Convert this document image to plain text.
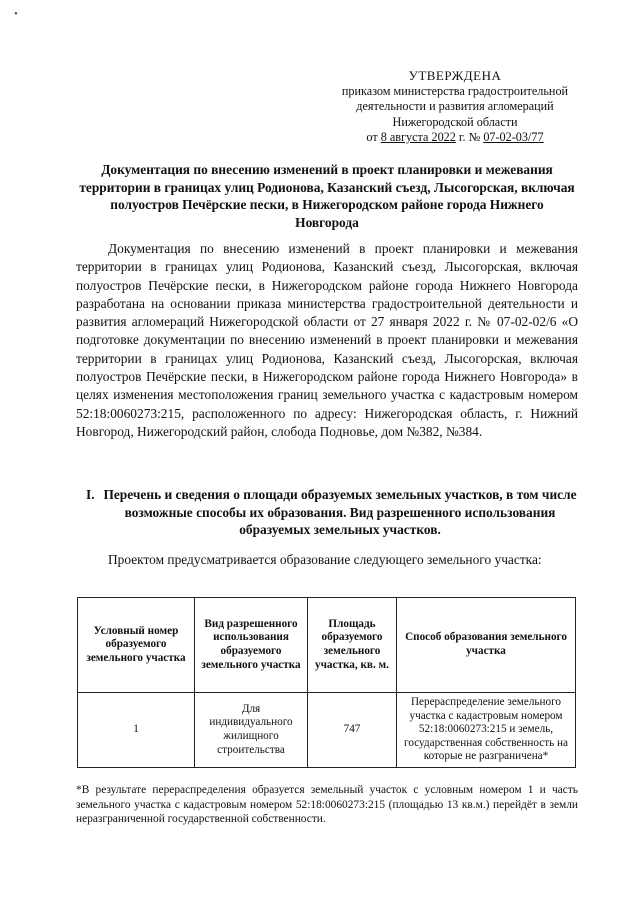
•
УТВЕРЖДЕНА
приказом министерства градостроительной
деятельности и развития агломераций
Нижегородской области
от 8 августа 2022 г. № 07-02-03/77
Документация по внесению изменений в проект планировки и межевания территории в границах улиц Родионова, Казанский съезд, Лысогорская, включая полуостров Печёрские пески, в Нижегородском районе города Нижнего Новгорода

Документация по внесению изменений в проект планировки и межевания территории в границах улиц Родионова, Казанский съезд, Лысогорская, включая полуостров Печёрские пески, в Нижегородском районе города Нижнего Новгорода разработана на основании приказа министерства градостроительной деятельности и развития агломераций Нижегородской области от 27 января 2022 г. № 07-02-02/6 «О подготовке документации по внесению изменений в проект планировки и межевания территории в границах улиц Родионова, Казанский съезд, Лысогорская, включая полуостров Печёрские пески, в Нижегородском районе города Нижнего Новгорода» в целях изменения местоположения границ земельного участка с кадастровым номером 52:18:0060273:215, расположенного по адресу: Нижегородская область, г. Нижний Новгород, Нижегородский район, слобода Подновье, дом №382, №384.

I. Перечень и сведения о площади образуемых земельных участков, в том числе возможные способы их образования. Вид разрешенного использования образуемых земельных участков.

Проектом предусматривается образование следующего земельного участка:

Условный номер образуемого земельного участка	Вид разрешенного использования образуемого земельного участка	Площадь образуемого земельного участка, кв. м.	Способ образования земельного участка
1	Для индивидуального жилищного строительства	747	Перераспределение земельного участка с кадастровым номером 52:18:0060273:215 и земель, государственная собственность на которые не разграничена*

*В результате перераспределения образуется земельный участок с условным номером 1 и часть земельного участка с кадастровым номером 52:18:0060273:215 (площадью 13 кв.м.) перейдёт в земли неразграниченной государственной собственности.
